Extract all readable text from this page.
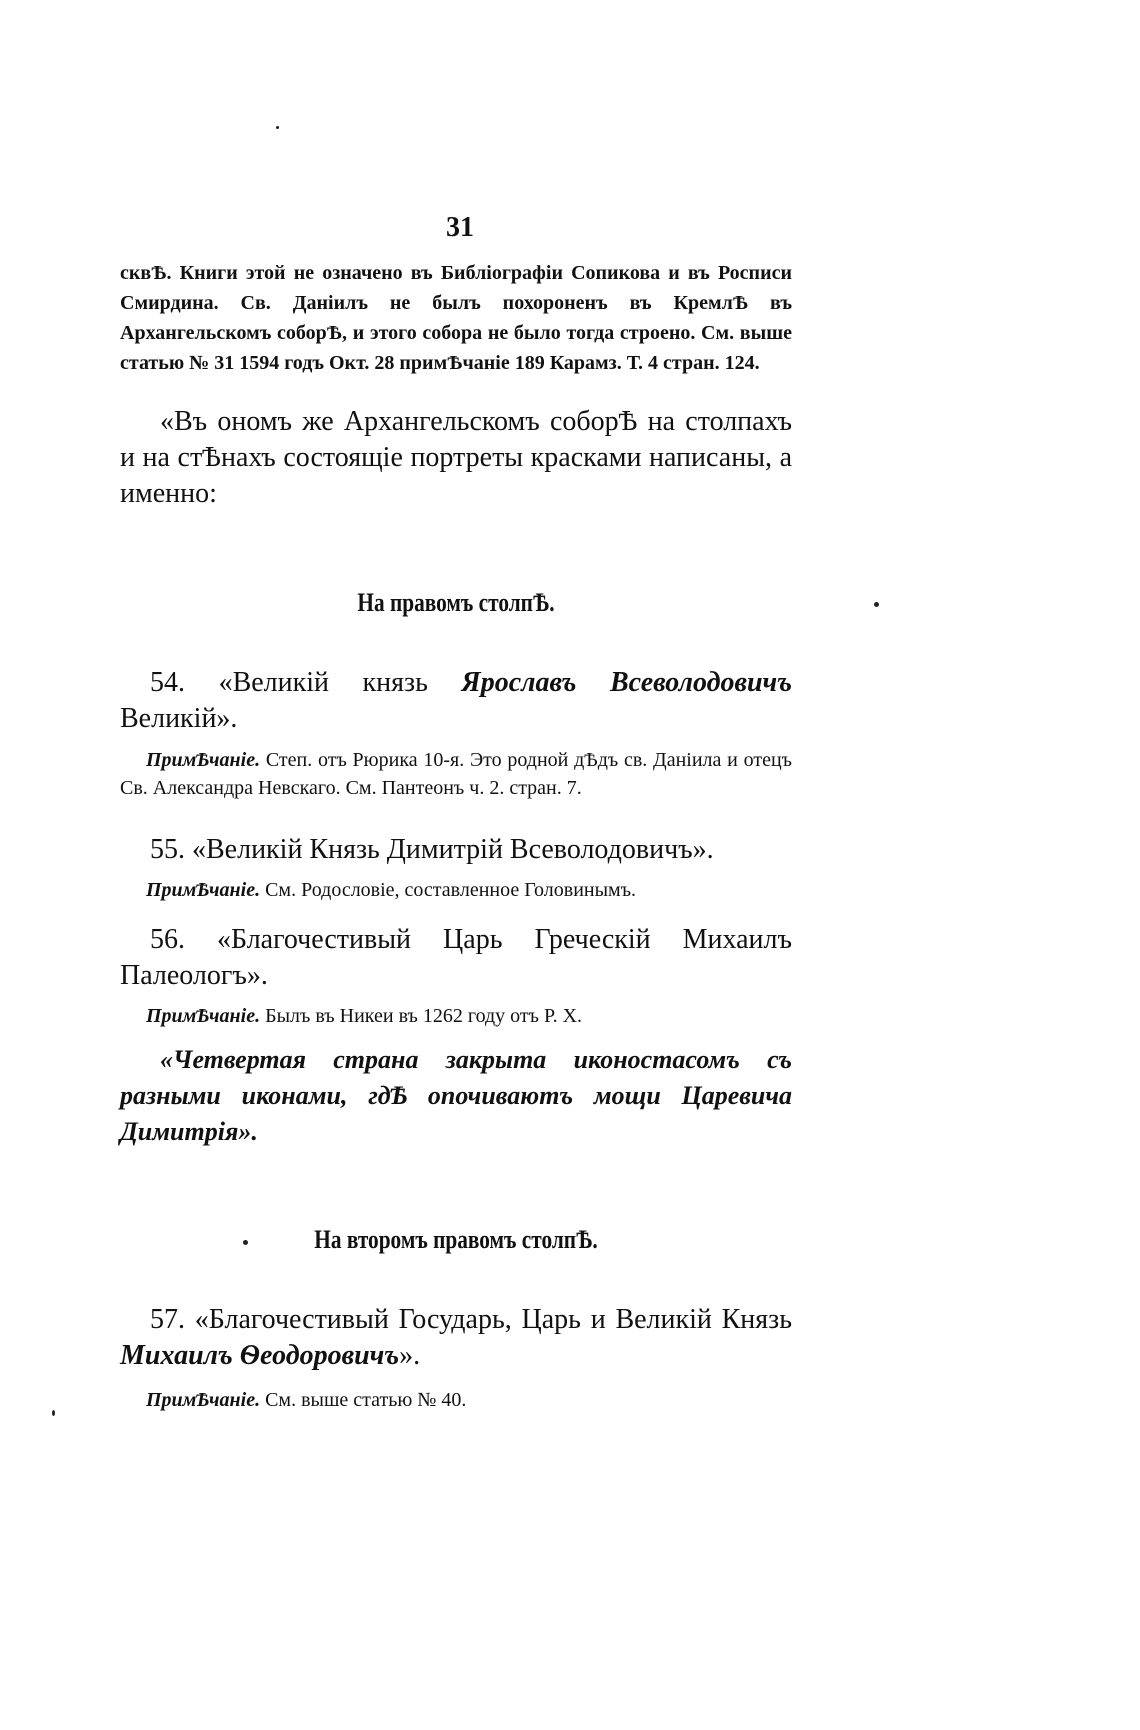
31
сквѢ. Книги этой не означено въ Библіографіи Сопикова и въ Росписи Смирдина. Св. Даніилъ не былъ похороненъ въ КремлѢ въ Архангельскомъ соборѢ, и этого собора не было тогда строено. См. выше статью № 31 1594 годъ Окт. 28 примѢчаніе 189 Карамз. Т. 4 стран. 124.
«Въ ономъ же Архангельскомъ соборѢ на столпахъ и на стѢнахъ состоящіе портреты красками написаны, а именно:
На правомъ столпѢ.
54. «Великій князь Ярославъ Всеволодовичъ Великій».
ПримѢчаніе. Степ. отъ Рюрика 10-я. Это родной дѢдъ св. Даніила и отецъ Св. Александра Невскаго. См. Пантеонъ ч. 2. стран. 7.
55. «Великій Князь Димитрій Всеволодовичъ».
ПримѢчаніе. См. Родословіе, составленное Головинымъ.
56. «Благочестивый Царь Греческій Михаилъ Палеологъ».
ПримѢчаніе. Былъ въ Никеи въ 1262 году отъ Р. Х.
«Четвертая страна закрыта иконостасомъ съ разными иконами, гдѢ опочиваютъ мощи Царевича Димитрія».
На второмъ правомъ столпѢ.
57. «Благочестивый Государь, Царь и Великій Князь Михаилъ Ѳеодоровичъ».
ПримѢчаніе. См. выше статью № 40.
